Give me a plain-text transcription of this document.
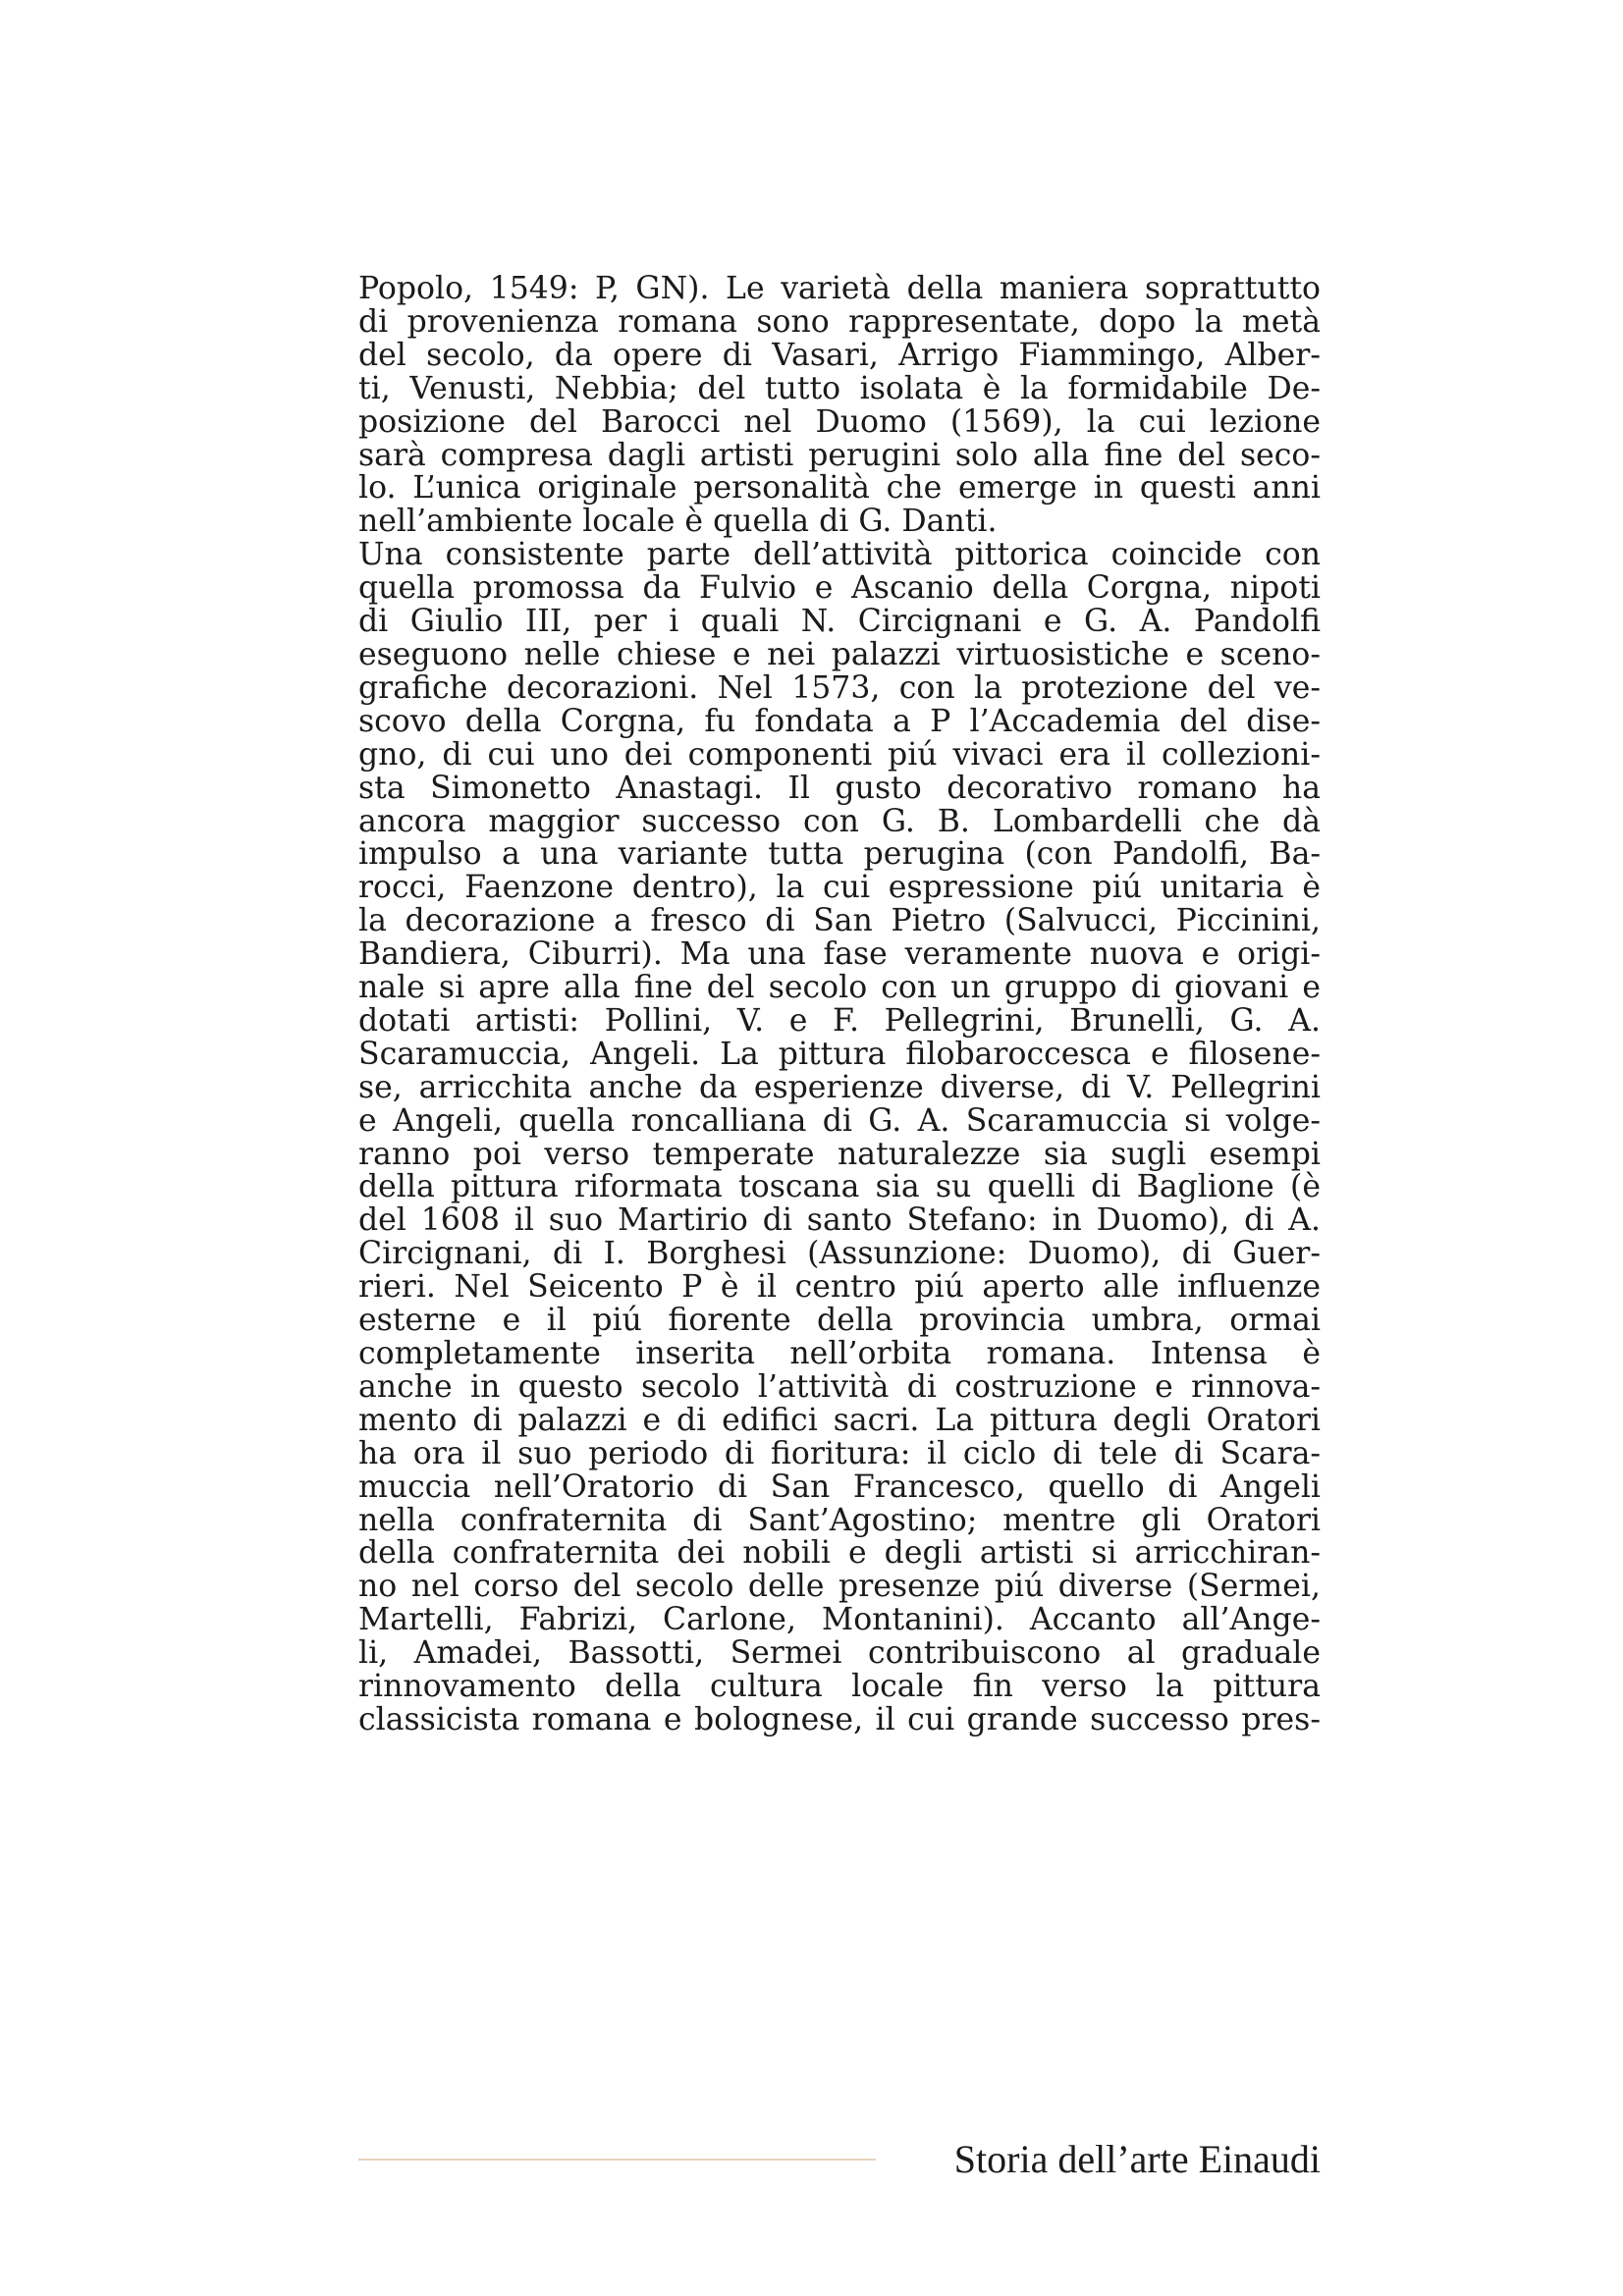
Popolo, 1549: P, GN). Le varietà della maniera soprattutto
di provenienza romana sono rappresentate, dopo la metà
del secolo, da opere di Vasari, Arrigo Fiammingo, Alber-
ti, Venusti, Nebbia; del tutto isolata è la formidabile De-
posizione del Barocci nel Duomo (1569), la cui lezione
sarà compresa dagli artisti perugini solo alla fine del seco-
lo. L’unica originale personalità che emerge in questi anni
nell’ambiente locale è quella di G. Danti.
Una consistente parte dell’attività pittorica coincide con
quella promossa da Fulvio e Ascanio della Corgna, nipoti
di Giulio III, per i quali N. Circignani e G. A. Pandolfi
eseguono nelle chiese e nei palazzi virtuosistiche e sceno-
grafiche decorazioni. Nel 1573, con la protezione del ve-
scovo della Corgna, fu fondata a P l’Accademia del dise-
gno, di cui uno dei componenti piú vivaci era il collezioni-
sta Simonetto Anastagi. Il gusto decorativo romano ha
ancora maggior successo con G. B. Lombardelli che dà
impulso a una variante tutta perugina (con Pandolfi, Ba-
rocci, Faenzone dentro), la cui espressione piú unitaria è
la decorazione a fresco di San Pietro (Salvucci, Piccinini,
Bandiera, Ciburri). Ma una fase veramente nuova e origi-
nale si apre alla fine del secolo con un gruppo di giovani e
dotati artisti: Pollini, V. e F. Pellegrini, Brunelli, G. A.
Scaramuccia, Angeli. La pittura filobaroccesca e filosene-
se, arricchita anche da esperienze diverse, di V. Pellegrini
e Angeli, quella roncalliana di G. A. Scaramuccia si volge-
ranno poi verso temperate naturalezze sia sugli esempi
della pittura riformata toscana sia su quelli di Baglione (è
del 1608 il suo Martirio di santo Stefano: in Duomo), di A.
Circignani, di I. Borghesi (Assunzione: Duomo), di Guer-
rieri. Nel Seicento P è il centro piú aperto alle influenze
esterne e il piú fiorente della provincia umbra, ormai
completamente inserita nell’orbita romana. Intensa è
anche in questo secolo l’attività di costruzione e rinnova-
mento di palazzi e di edifici sacri. La pittura degli Oratori
ha ora il suo periodo di fioritura: il ciclo di tele di Scara-
muccia nell’Oratorio di San Francesco, quello di Angeli
nella confraternita di Sant’Agostino; mentre gli Oratori
della confraternita dei nobili e degli artisti si arricchiran-
no nel corso del secolo delle presenze piú diverse (Sermei,
Martelli, Fabrizi, Carlone, Montanini). Accanto all’Ange-
li, Amadei, Bassotti, Sermei contribuiscono al graduale
rinnovamento della cultura locale fin verso la pittura
classicista romana e bolognese, il cui grande successo pres-
Storia dell’arte Einaudi
